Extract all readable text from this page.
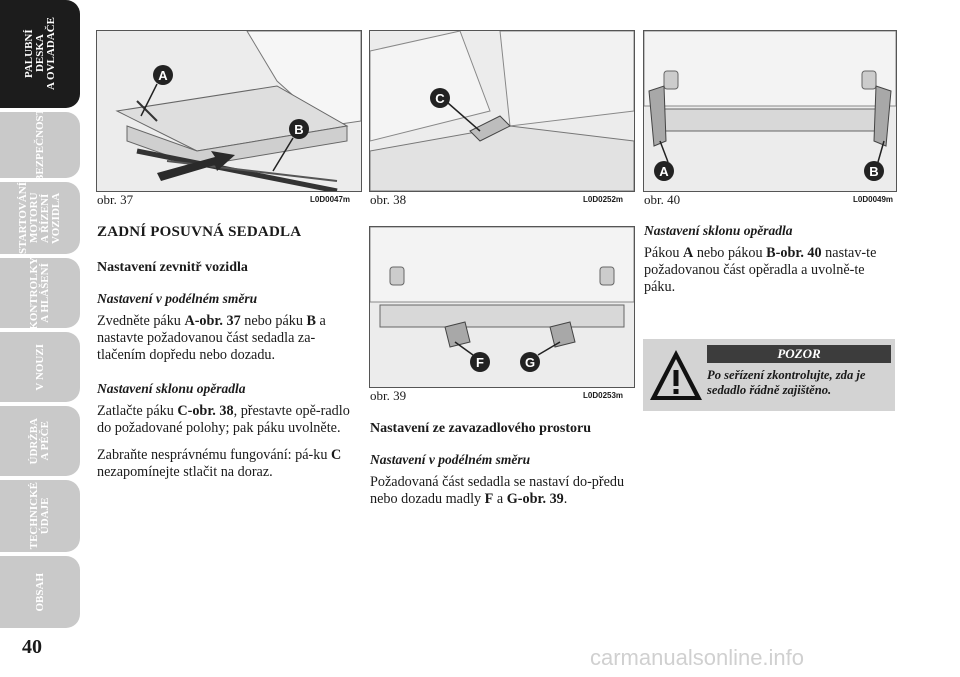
PALUBNÍ
DESKA
A OVLADAČE
BEZPEČNOST
STARTOVÁNÍ
MOTORU
A ŘÍZENÍ
VOZIDLA
KONTROLKY
A HLÁŠENÍ
V NOUZI
ÚDRŽBA
A PÉČE
TECHNICKÉ
ÚDAJE
OBSAH
40
A
B
obr. 37	L0D0047m
C
obr. 38	L0D0252m
F	G
obr. 39	L0D0253m
A	B
obr. 40	L0D0049m
ZADNÍ POSUVNÁ SEDADLA
Nastavení zevnitř vozidla
Nastavení v podélném směru

Zvedněte páku A-obr. 37 nebo páku B a nastavte požadovanou část sedadla za-tlačením dopředu nebo dozadu.

Nastavení sklonu opěradla

Zatlačte páku C-obr. 38, přestavte opě-radlo do požadované polohy; pak páku uvolněte.

Zabraňte nesprávnému fungování: pá-ku C nezapomínejte stlačit na doraz.

Nastavení ze zavazadlového prostoru
Nastavení v podélném směru

Požadovaná část sedadla se nastaví do-předu nebo dozadu madly F a G-obr. 39.

Nastavení sklonu opěradla

Pákou A nebo pákou B-obr. 40 nastav-te požadovanou část opěradla a uvolně-te páku.

POZOR
Po seřízení zkontrolujte, zda je sedadlo řádně zajištěno.
carmanualsonline.info
